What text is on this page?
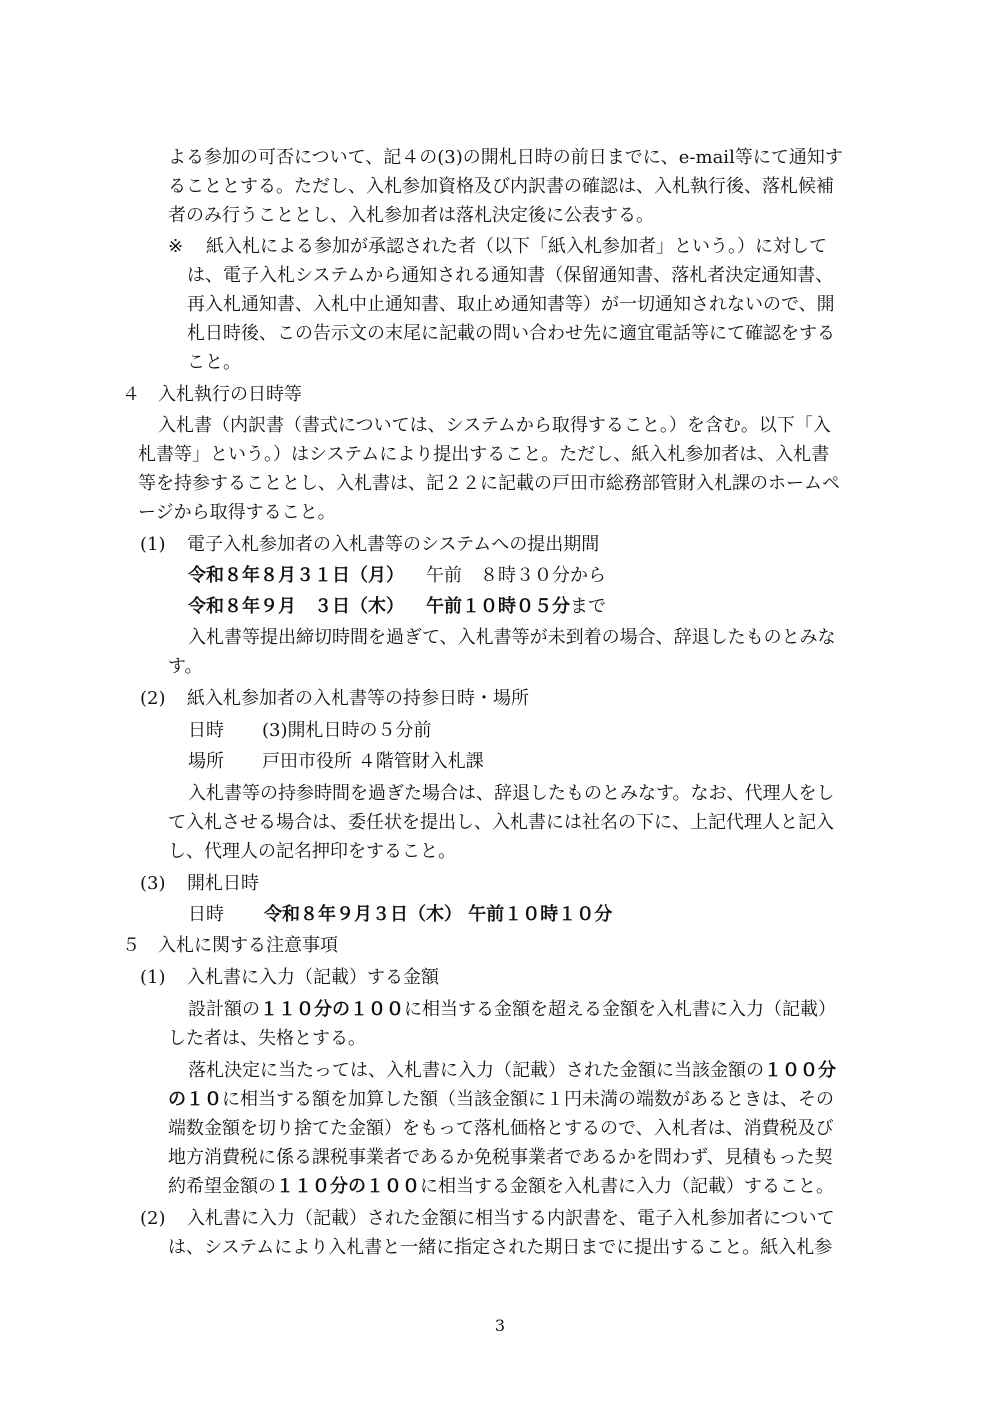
よる参加の可否について、記４の(3)の開札日時の前日までに、e-mail等にて通知す
ることとする。ただし、入札参加資格及び内訳書の確認は、入札執行後、落札候補
者のみ行うこととし、入札参加者は落札決定後に公表する。
※ 紙入札による参加が承認された者（以下「紙入札参加者」という。）に対して
は、電子入札システムから通知される通知書（保留通知書、落札者決定通知書、
再入札通知書、入札中止通知書、取止め通知書等）が一切通知されないので、開
札日時後、この告示文の末尾に記載の問い合わせ先に適宜電話等にて確認をする
こと。
４　入札執行の日時等
入札書（内訳書（書式については、システムから取得すること。）を含む。以下「入
札書等」という。）はシステムにより提出すること。ただし、紙入札参加者は、入札書
等を持参することとし、入札書は、記２２に記載の戸田市総務部管財入札課のホームペ
ージから取得すること。
(1) 電子入札参加者の入札書等のシステムへの提出期間
令和８年８月３１日（月） 午前　８時３０分から
令和８年９月　３日（木） 午前１０時０５分まで
入札書等提出締切時間を過ぎて、入札書等が未到着の場合、辞退したものとみな
す。
(2) 紙入札参加者の入札書等の持参日時・場所
日時 (3)開札日時の５分前
場所 戸田市役所 ４階管財入札課
入札書等の持参時間を過ぎた場合は、辞退したものとみなす。なお、代理人をし
て入札させる場合は、委任状を提出し、入札書には社名の下に、上記代理人と記入
し、代理人の記名押印をすること。
(3) 開札日時
日時 令和８年９月３日（木） 午前１０時１０分
５　入札に関する注意事項
(1) 入札書に入力（記載）する金額
設計額の１１０分の１００に相当する金額を超える金額を入札書に入力（記載）
した者は、失格とする。
落札決定に当たっては、入札書に入力（記載）された金額に当該金額の１００分
の１０に相当する額を加算した額（当該金額に１円未満の端数があるときは、その
端数金額を切り捨てた金額）をもって落札価格とするので、入札者は、消費税及び
地方消費税に係る課税事業者であるか免税事業者であるかを問わず、見積もった契
約希望金額の１１０分の１００に相当する金額を入札書に入力（記載）すること。
(2) 入札書に入力（記載）された金額に相当する内訳書を、電子入札参加者について
は、システムにより入札書と一緒に指定された期日までに提出すること。紙入札参
3
